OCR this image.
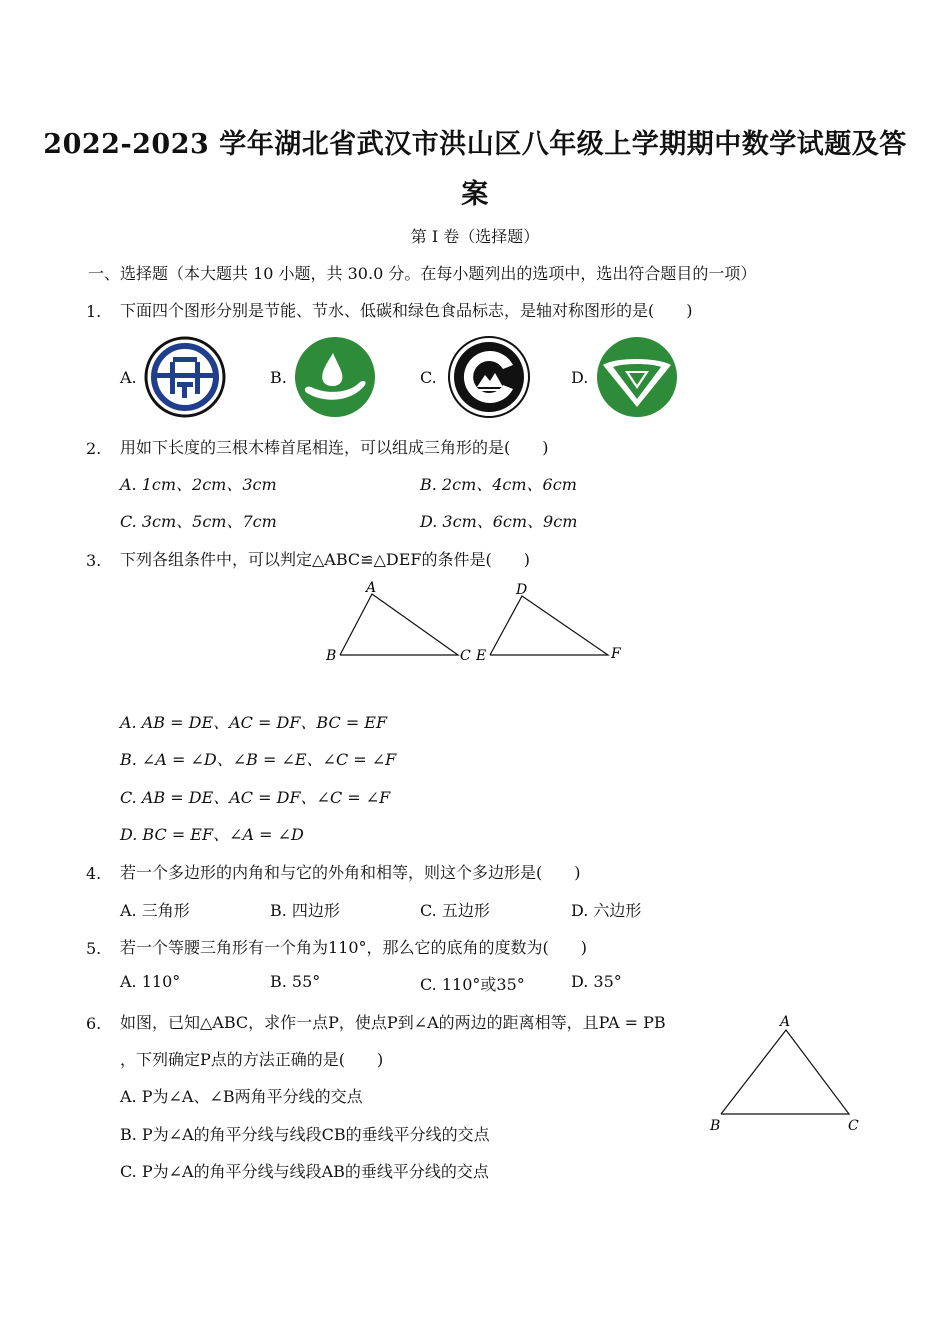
2022-2023 学年湖北省武汉市洪山区八年级上学期期中数学试题及答
案
第 I 卷（选择题）
一、选择题（本大题共 10 小题，共 30.0 分。在每小题列出的选项中，选出符合题目的一项）
1. 下面四个图形分别是节能、节水、低碳和绿色食品标志，是轴对称图形的是(　　)
A.	B.	C.	D.
2. 用如下长度的三根木棒首尾相连，可以组成三角形的是(　　)
A. 1cm、2cm、3cm	B. 2cm、4cm、6cm
C. 3cm、5cm、7cm	D. 3cm、6cm、9cm
3. 下列各组条件中，可以判定△ABC≌△DEF的条件是(　　)
A
B	C
D
E	F
A. AB = DE、AC = DF、BC = EF
B. ∠A = ∠D、∠B = ∠E、∠C = ∠F
C. AB = DE、AC = DF、∠C = ∠F
D. BC = EF、∠A = ∠D
4. 若一个多边形的内角和与它的外角和相等，则这个多边形是(　　)
A. 三角形	B. 四边形	C. 五边形	D. 六边形
5. 若一个等腰三角形有一个角为110°，那么它的底角的度数为(　　)
A. 110°	B. 55°	C. 110°或35°	D. 35°
6. 如图，已知△ABC，求作一点P，使点P到∠A的两边的距离相等，且PA = PB
，下列确定P点的方法正确的是(　　)
A. P为∠A、∠B两角平分线的交点
B. P为∠A的角平分线与线段CB的垂线平分线的交点
C. P为∠A的角平分线与线段AB的垂线平分线的交点
A
B	C
